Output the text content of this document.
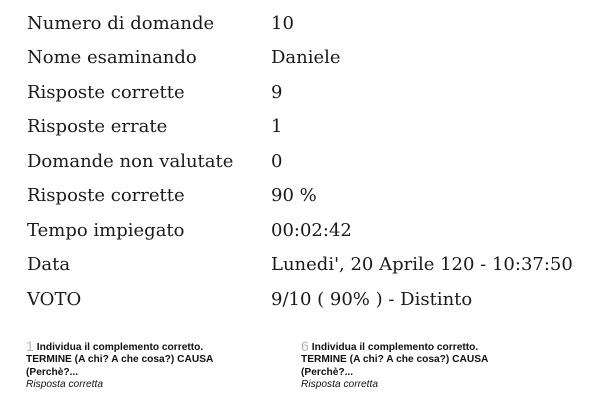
Numero di domande	10
Nome esaminando	Daniele
Risposte corrette	9
Risposte errate	1
Domande non valutate	0
Risposte corrette	90 %
Tempo impiegato	00:02:42
Data	Lunedi', 20 Aprile 120 - 10:37:50
VOTO	9/10 ( 90% ) - Distinto
1 Individua il complemento corretto.
TERMINE (A chi? A che cosa?) CAUSA
(Perchè?...
Risposta corretta
6 Individua il complemento corretto.
TERMINE (A chi? A che cosa?) CAUSA
(Perchè?...
Risposta corretta
